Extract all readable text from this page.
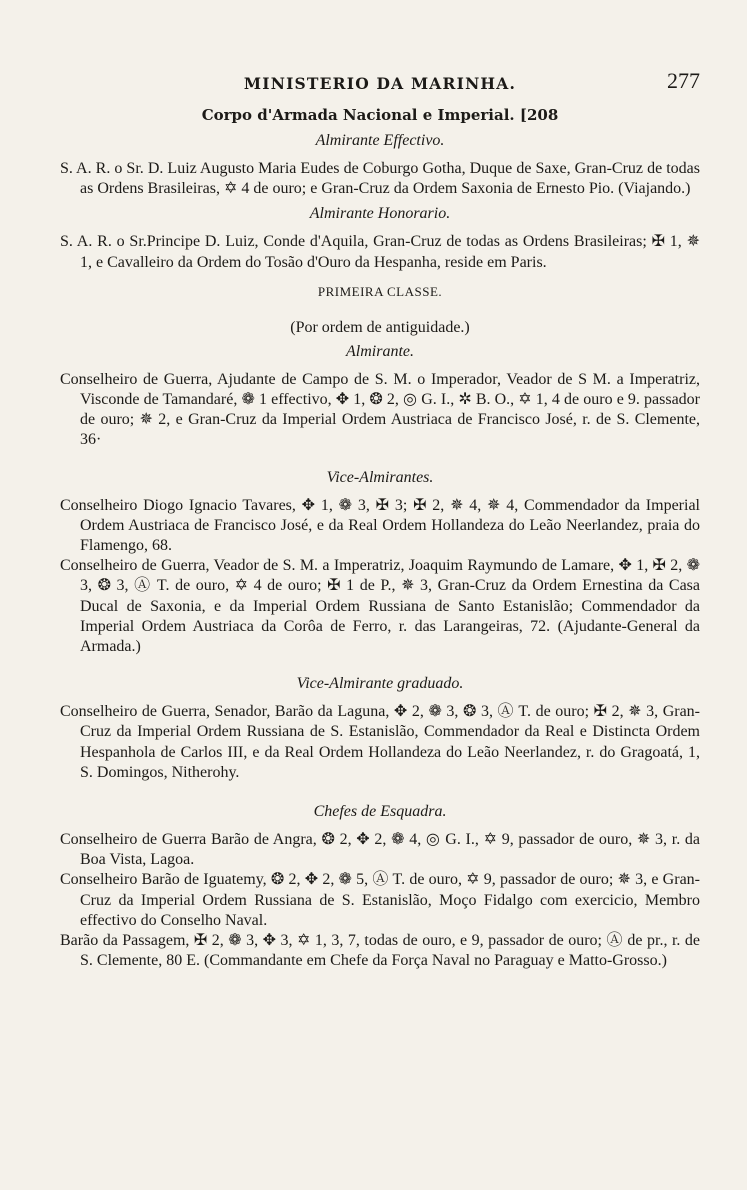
MINISTERIO DA MARINHA.	277
Corpo d'Armada Nacional e Imperial. [208
Almirante Effectivo.

S. A. R. o Sr. D. Luiz Augusto Maria Eudes de Coburgo Gotha, Duque de Saxe, Gran-Cruz de todas as Ordens Brasileiras, ✡ 4 de ouro; e Gran-Cruz da Ordem Saxonia de Ernesto Pio. (Viajando.)

Almirante Honorario.

S. A. R. o Sr.Principe D. Luiz, Conde d'Aquila, Gran-Cruz de todas as Ordens Brasileiras; ✠ 1, ✵ 1, e Cavalleiro da Ordem do Tosão d'Ouro da Hespanha, reside em Paris.

PRIMEIRA CLASSE.
(Por ordem de antiguidade.)
Almirante.

Conselheiro de Guerra, Ajudante de Campo de S. M. o Imperador, Veador de S M. a Imperatriz, Visconde de Tamandaré, ❁ 1 effectivo, ✥ 1, ❂ 2, ◎ G. I., ✲ B. O., ✡ 1, 4 de ouro e 9. passador de ouro; ✵ 2, e Gran-Cruz da Imperial Ordem Austriaca de Francisco José, r. de S. Clemente, 36·

Vice-Almirantes.

Conselheiro Diogo Ignacio Tavares, ✥ 1, ❁ 3, ✠ 3; ✠ 2, ✵ 4, ✵ 4, Commendador da Imperial Ordem Austriaca de Francisco José, e da Real Ordem Hollandeza do Leão Neerlandez, praia do Flamengo, 68.

Conselheiro de Guerra, Veador de S. M. a Imperatriz, Joaquim Raymundo de Lamare, ✥ 1, ✠ 2, ❁ 3, ❂ 3, Ⓐ T. de ouro, ✡ 4 de ouro; ✠ 1 de P., ✵ 3, Gran-Cruz da Ordem Ernestina da Casa Ducal de Saxonia, e da Imperial Ordem Russiana de Santo Estanislão; Commendador da Imperial Ordem Austriaca da Corôa de Ferro, r. das Larangeiras, 72. (Ajudante-General da Armada.)

Vice-Almirante graduado.

Conselheiro de Guerra, Senador, Barão da Laguna, ✥ 2, ❁ 3, ❂ 3, Ⓐ T. de ouro; ✠ 2, ✵ 3, Gran-Cruz da Imperial Ordem Russiana de S. Estanislão, Commendador da Real e Distincta Ordem Hespanhola de Carlos III, e da Real Ordem Hollandeza do Leão Neerlandez, r. do Gragoatá, 1, S. Domingos, Nitherohy.

Chefes de Esquadra.

Conselheiro de Guerra Barão de Angra, ❂ 2, ✥ 2, ❁ 4, ◎ G. I., ✡ 9, passador de ouro, ✵ 3, r. da Boa Vista, Lagoa.

Conselheiro Barão de Iguatemy, ❂ 2, ✥ 2, ❁ 5, Ⓐ T. de ouro, ✡ 9, passador de ouro; ✵ 3, e Gran-Cruz da Imperial Ordem Russiana de S. Estanislão, Moço Fidalgo com exercicio, Membro effectivo do Conselho Naval.

Barão da Passagem, ✠ 2, ❁ 3, ✥ 3, ✡ 1, 3, 7, todas de ouro, e 9, passador de ouro; Ⓐ de pr., r. de S. Clemente, 80 E. (Commandante em Chefe da Força Naval no Paraguay e Matto-Grosso.)
